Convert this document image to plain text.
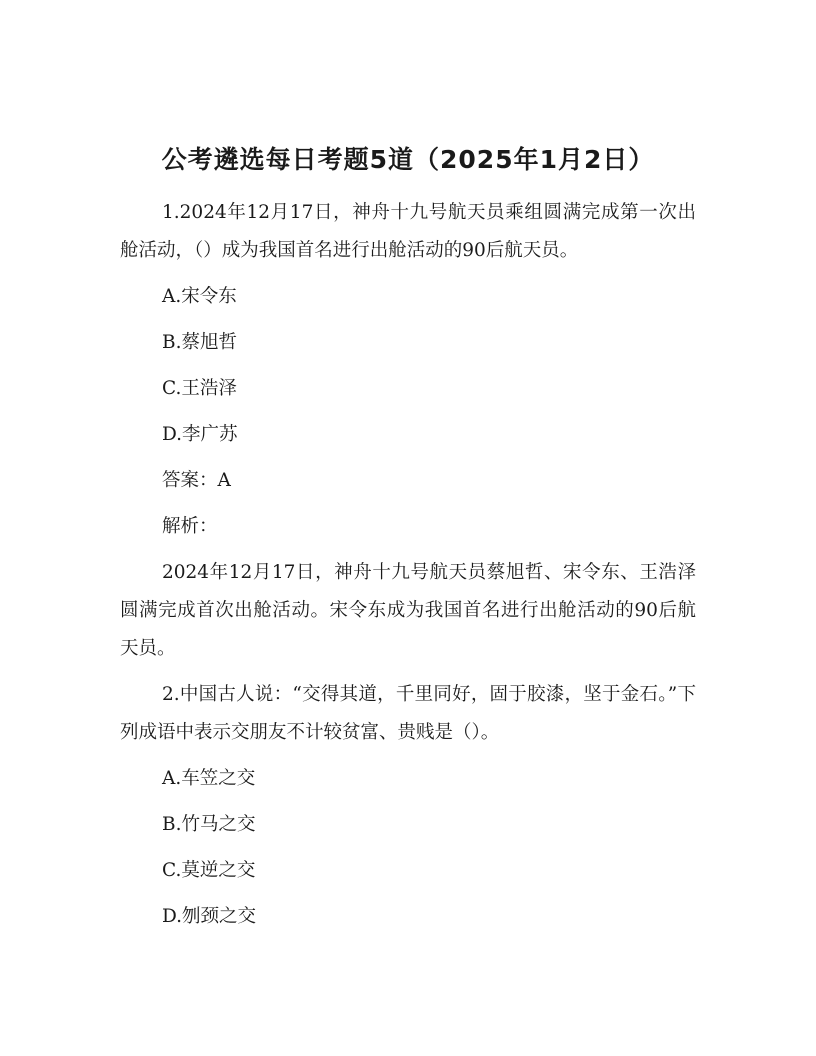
公考遴选每日考题5道（2025年1月2日）

1.2024年12月17日，神舟十九号航天员乘组圆满完成第一次出舱活动，（）成为我国首名进行出舱活动的90后航天员。

A.宋令东

B.蔡旭哲

C.王浩泽

D.李广苏

答案：A

解析：

2024年12月17日，神舟十九号航天员蔡旭哲、宋令东、王浩泽圆满完成首次出舱活动。宋令东成为我国首名进行出舱活动的90后航天员。

2.中国古人说：“交得其道，千里同好，固于胶漆，坚于金石。”下列成语中表示交朋友不计较贫富、贵贱是（）。

A.车笠之交

B.竹马之交

C.莫逆之交

D.刎颈之交
